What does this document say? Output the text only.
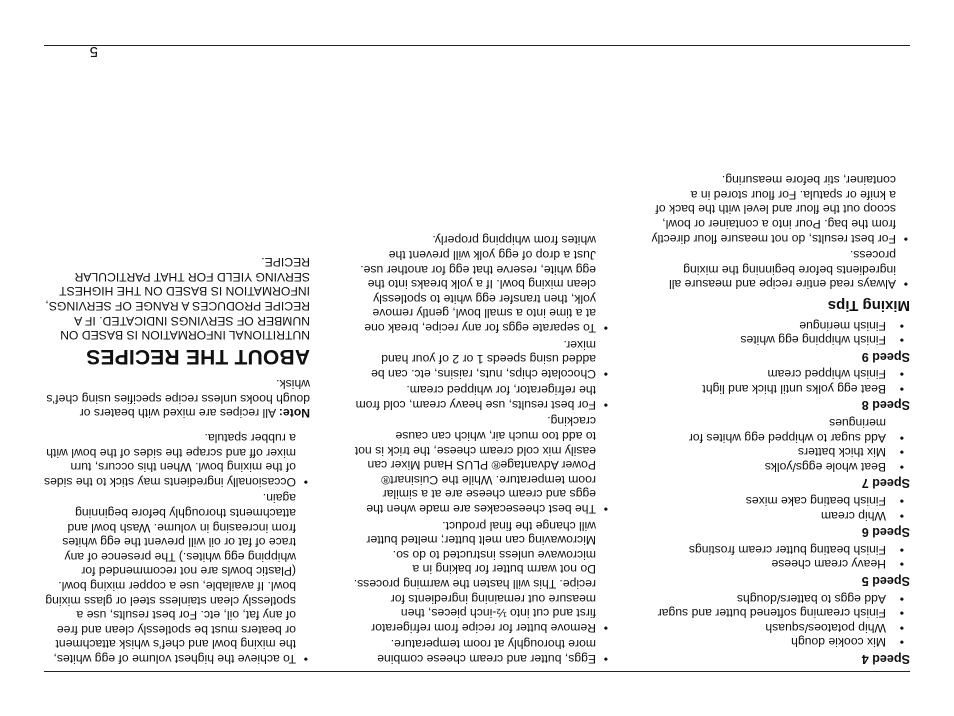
Speed 4
• Mix cookie dough
• Whip potatoes/squash
• Finish creaming softened butter and sugar
• Add eggs to batters/doughs
Speed 5
• Heavy cream cheese
• Finish beating butter cream frostings
Speed 6
• Whip cream
• Finish beating cake mixes
Speed 7
• Beat whole eggs/yolks
• Mix thick batters
• Add sugar to whipped egg whites for meringues
Speed 8
• Beat egg yolks until thick and light
• Finish whipped cream
Speed 9
• Finish whipping egg whites
• Finish meringue
Mixing Tips
•
Always read entire recipe and measure all ingredients before beginning the mixing process.
•
For best results, do not measure flour directly from the bag. Pour into a container or bowl, scoop out the flour and level with the back of a knife or spatula. For flour stored in a container, stir before measuring.
•
Eggs, butter and cream cheese combine more thoroughly at room temperature.
•
Remove butter for recipe from refrigerator first and cut into ½-inch pieces, then measure out remaining ingredients for recipe. This will hasten the warming process. Do not warm butter for baking in a microwave unless instructed to do so. Microwaving can melt butter; melted butter will change the final product.
•
The best cheesecakes are made when the eggs and cream cheese are at a similar room temperature. While the Cuisinart® Power Advantage® PLUS Hand Mixer can easily mix cold cream cheese, the trick is not to add too much air, which can cause cracking.
•
For best results, use heavy cream, cold from the refrigerator, for whipped cream.
•
Chocolate chips, nuts, raisins, etc. can be added using speeds 1 or 2 of your hand mixer.
•
To separate eggs for any recipe, break one at a time into a small bowl, gently remove yolk, then transfer egg white to spotlessly clean mixing bowl. If a yolk breaks into the egg white, reserve that egg for another use. Just a drop of egg yolk will prevent the whites from whipping properly.
•
To achieve the highest volume of egg whites, the mixing bowl and chef’s whisk attachment or beaters must be spotlessly clean and free of any fat, oil, etc. For best results, use a spotlessly clean stainless steel or glass mixing bowl. If available, use a copper mixing bowl. (Plastic bowls are not recommended for whipping egg whites.) The presence of any trace of fat or oil will prevent the egg whites from increasing in volume. Wash bowl and attachments thoroughly before beginning again.
•
Occasionally ingredients may stick to the sides of the mixing bowl. When this occurs, turn mixer off and scrape the sides of the bowl with a rubber spatula.

Note: All recipes are mixed with beaters or dough hooks unless recipe specifies using chef’s whisk.

ABOUT THE RECIPES

NUTRITIONAL INFORMATION IS BASED ON NUMBER OF SERVINGS INDICATED. IF A RECIPE PRODUCES A RANGE OF SERVINGS, INFORMATION IS BASED ON THE HIGHEST SERVING YIELD FOR THAT PARTICULAR RECIPE.

5
